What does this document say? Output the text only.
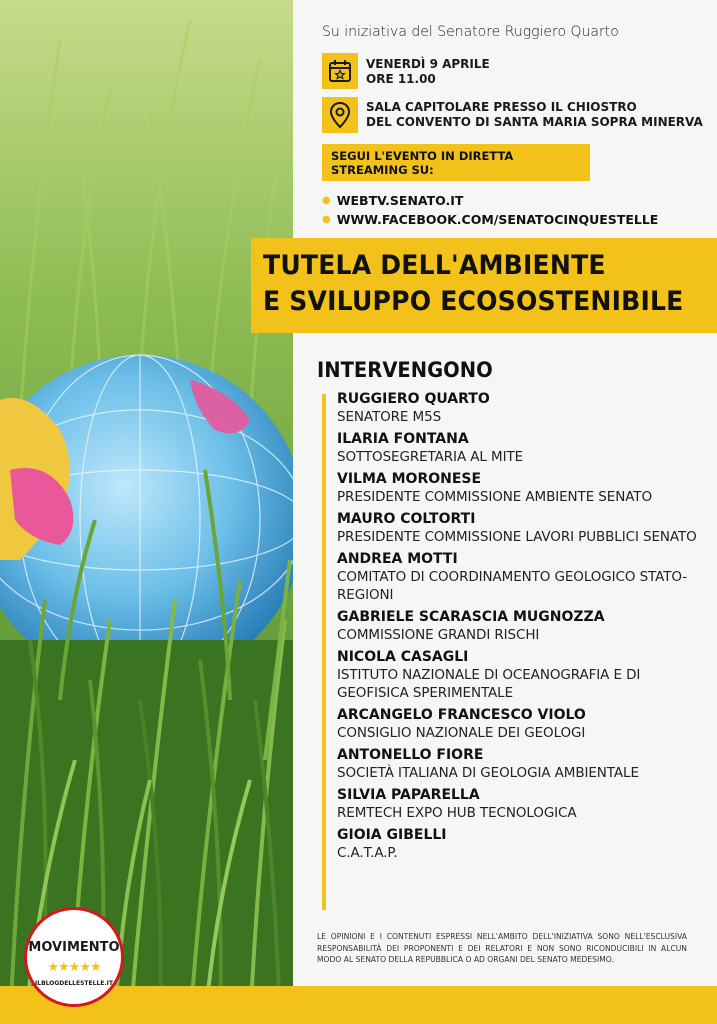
Su iniziativa del Senatore Ruggiero Quarto
VENERDÌ 9 APRILE
ORE 11.00
SALA CAPITOLARE PRESSO IL CHIOSTRO
DEL CONVENTO DI SANTA MARIA SOPRA MINERVA
SEGUI L'EVENTO IN DIRETTA STREAMING SU:
● WEBTV.SENATO.IT
● WWW.FACEBOOK.COM/SENATOCINQUESTELLE
TUTELA DELL'AMBIENTE
E SVILUPPO ECOSOSTENIBILE
INTERVENGONO
RUGGIERO QUARTO
SENATORE M5S
ILARIA FONTANA
SOTTOSEGRETARIA AL MITE
VILMA MORONESE
PRESIDENTE COMMISSIONE AMBIENTE SENATO
MAURO COLTORTI
PRESIDENTE COMMISSIONE LAVORI PUBBLICI SENATO
ANDREA MOTTI
COMITATO DI COORDINAMENTO GEOLOGICO STATO-REGIONI
GABRIELE SCARASCIA MUGNOZZA
COMMISSIONE GRANDI RISCHI
NICOLA CASAGLI
ISTITUTO NAZIONALE DI OCEANOGRAFIA E DI GEOFISICA SPERIMENTALE
ARCANGELO FRANCESCO VIOLO
CONSIGLIO NAZIONALE DEI GEOLOGI
ANTONELLO FIORE
SOCIETÀ ITALIANA DI GEOLOGIA AMBIENTALE
SILVIA PAPARELLA
REMTECH EXPO HUB TECNOLOGICA
GIOIA GIBELLI
C.A.T.A.P.
LE OPINIONI E I CONTENUTI ESPRESSI NELL'AMBITO DELL'INIZIATIVA SONO NELL'ESCLUSIVA RESPONSABILITÀ DEI PROPONENTI E DEI RELATORI E NON SONO RICONDUCIBILI IN ALCUN MODO AL SENATO DELLA REPUBBLICA O AD ORGANI DEL SENATO MEDESIMO.
MOVIMENTO
★★★★★
ILBLOGDELLESTELLE.IT
